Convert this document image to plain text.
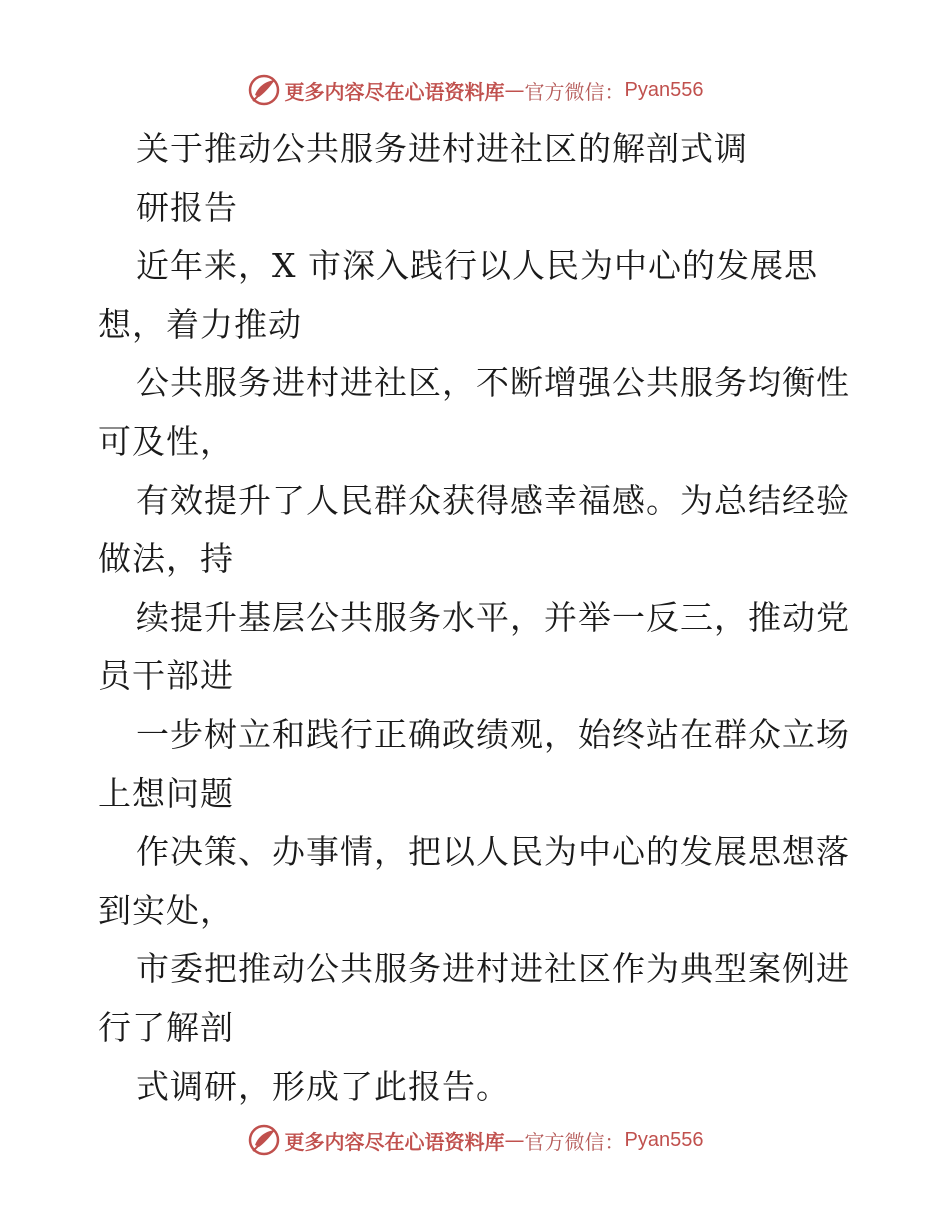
更多内容尽在心语资料库 — 官方微信： Pyan556
关于推动公共服务进村进社区的解剖式调
研报告
近年来，X 市深入践行以人民为中心的发展思
想，着力推动
公共服务进村进社区，不断增强公共服务均衡性
可及性，
有效提升了人民群众获得感幸福感。为总结经验
做法，持
续提升基层公共服务水平，并举一反三，推动党
员干部进
一步树立和践行正确政绩观，始终站在群众立场
上想问题
作决策、办事情，把以人民为中心的发展思想落
到实处，
市委把推动公共服务进村进社区作为典型案例进
行了解剖
式调研，形成了此报告。
更多内容尽在心语资料库 — 官方微信： Pyan556
